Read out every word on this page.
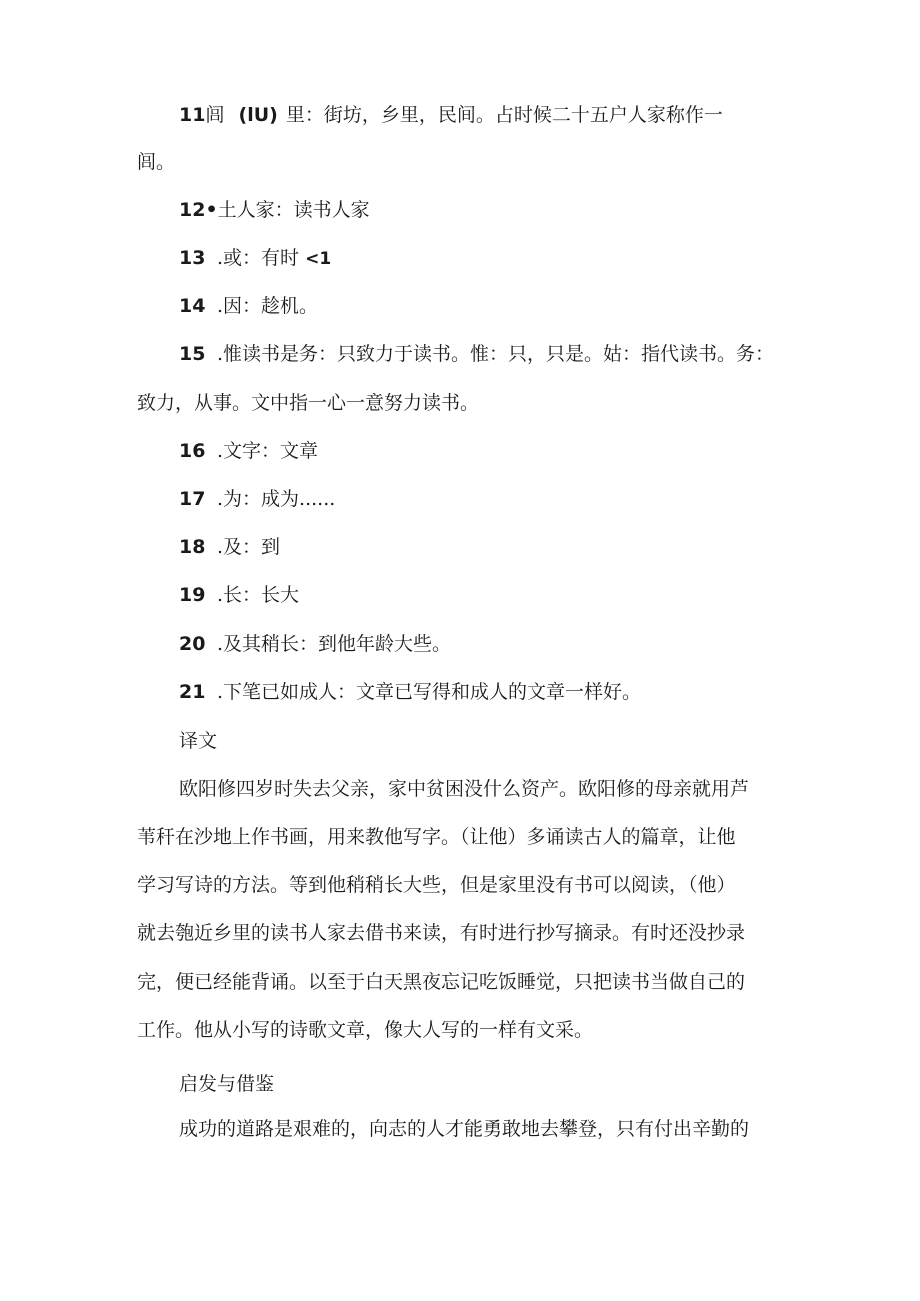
11闾 (lU) 里：街坊，乡里，民间。占时候二十五户人家称作一
闾。
12•土人家：读书人家
13 .或：有时 <1
14 .因：趁机。
15 .惟读书是务：只致力于读书。惟：只，只是。姑：指代读书。务：
致力，从事。文中指一心一意努力读书。
16 .文字：文章
17 .为：成为......
18 .及：到
19 .长：长大
20 .及其稍长：到他年龄大些。
21 .下笔已如成人：文章已写得和成人的文章一样好。
译文
欧阳修四岁时失去父亲，家中贫困没什么资产。欧阳修的母亲就用芦
苇秆在沙地上作书画，用来教他写字。（让他）多诵读古人的篇章，让他
学习写诗的方法。等到他稍稍长大些，但是家里没有书可以阅读，（他）
就去匏近乡里的读书人家去借书来读，有时进行抄写摘录。有时还没抄录
完，便已经能背诵。以至于白天黑夜忘记吃饭睡觉，只把读书当做自己的
工作。他从小写的诗歌文章，像大人写的一样有文采。
启发与借鉴
成功的道路是艰难的，向志的人才能勇敢地去攀登，只有付出辛勤的
